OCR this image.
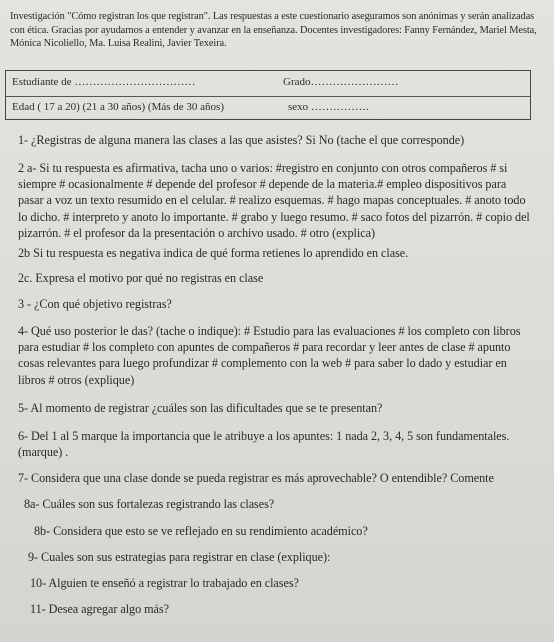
Investigación "Cómo registran los que registran". Las respuestas a este cuestionario aseguramos son anónimas y serán analizadas
con ética. Gracias por ayudarnos a entender y avanzar en la enseñanza. Docentes investigadores: Fanny Fernández, Mariel Mesta,
Mónica Nicoliello, Ma. Luisa Realini, Javier Texeira.
Estudiante de ……………………………	Grado……………………
Edad ( 17 a 20) (21 a 30 años) (Más de 30 años)	sexo …………….
1- ¿Registras de alguna manera las clases a las que asistes? Si No (tache el que corresponde)
2 a- Si tu respuesta es afirmativa, tacha uno o varios: #registro en conjunto con otros compañeros # si
siempre # ocasionalmente # depende del profesor # depende de la materia.# empleo dispositivos para
pasar a voz un texto resumido en el celular. # realizo esquemas. # hago mapas conceptuales. # anoto todo
lo dicho. # interpreto y anoto lo importante. # grabo y luego resumo. # saco fotos del pizarrón. # copio del
pizarrón. # el profesor da la presentación o archivo usado. # otro (explica)
2b Si tu respuesta es negativa indica de qué forma retienes lo aprendido en clase.
2c. Expresa el motivo por qué no registras en clase
3 - ¿Con qué objetivo registras?
4- Qué uso posterior le das? (tache o indique): # Estudio para las evaluaciones # los completo con libros
para estudiar # los completo con apuntes de compañeros # para recordar y leer antes de clase # apunto
cosas relevantes para luego profundizar # complemento con la web # para saber lo dado y estudiar en
libros # otros (explique)
5- Al momento de registrar ¿cuáles son las dificultades que se te presentan?
6- Del 1 al 5 marque la importancia que le atribuye a los apuntes: 1 nada 2, 3, 4, 5 son fundamentales.
(marque) .
7- Considera que una clase donde se pueda registrar es más aprovechable? O entendible? Comente
8a- Cuáles son sus fortalezas registrando las clases?
8b- Considera que esto se ve reflejado en su rendimiento académico?
9- Cuales son sus estrategias para registrar en clase (explique):
10- Alguien te enseñó a registrar lo trabajado en clases?
11- Desea agregar algo más?
